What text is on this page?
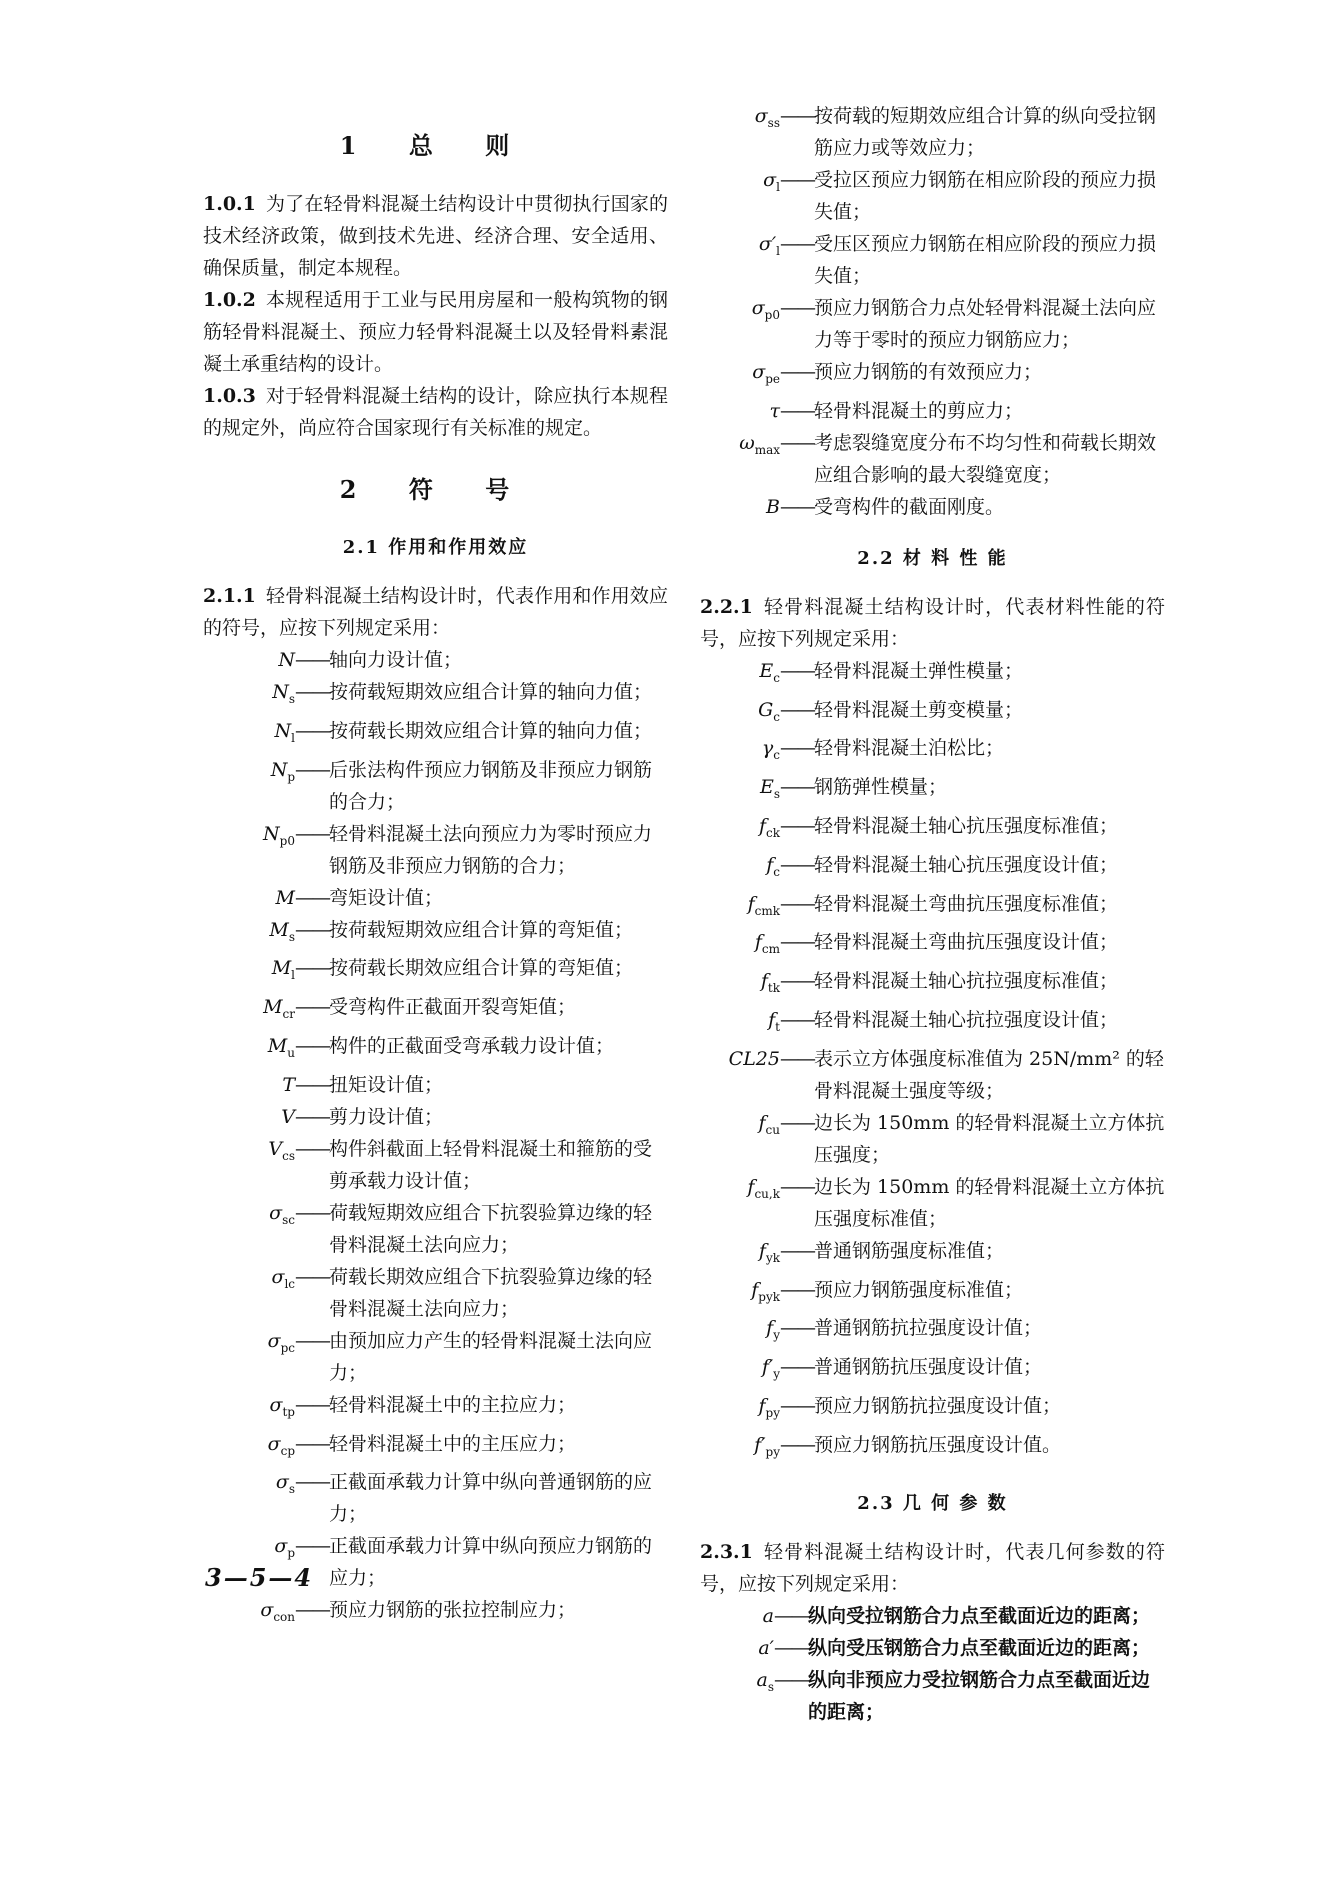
1 总 则

1.0.1 为了在轻骨料混凝土结构设计中贯彻执行国家的技术经济政策，做到技术先进、经济合理、安全适用、确保质量，制定本规程。

1.0.2 本规程适用于工业与民用房屋和一般构筑物的钢筋轻骨料混凝土、预应力轻骨料混凝土以及轻骨料素混凝土承重结构的设计。

1.0.3 对于轻骨料混凝土结构的设计，除应执行本规程的规定外，尚应符合国家现行有关标准的规定。

2 符 号
2.1 作用和作用效应

2.1.1 轻骨料混凝土结构设计时，代表作用和作用效应的符号，应按下列规定采用：

N —— 轴向力设计值；
$N_s$ —— 按荷载短期效应组合计算的轴向力值；
$N_l$ —— 按荷载长期效应组合计算的轴向力值；
$N_p$ —— 后张法构件预应力钢筋及非预应力钢筋的合力；
$N_{p0}$ —— 轻骨料混凝土法向预应力为零时预应力钢筋及非预应力钢筋的合力；
M —— 弯矩设计值；
$M_s$ —— 按荷载短期效应组合计算的弯矩值；
$M_l$ —— 按荷载长期效应组合计算的弯矩值；
$M_{cr}$ —— 受弯构件正截面开裂弯矩值；
$M_u$ —— 构件的正截面受弯承载力设计值；
T —— 扭矩设计值；
V —— 剪力设计值；
$V_{cs}$ —— 构件斜截面上轻骨料混凝土和箍筋的受剪承载力设计值；
$\sigma_{sc}$ —— 荷载短期效应组合下抗裂验算边缘的轻骨料混凝土法向应力；
$\sigma_{lc}$ —— 荷载长期效应组合下抗裂验算边缘的轻骨料混凝土法向应力；
$\sigma_{pc}$ —— 由预加应力产生的轻骨料混凝土法向应力；
$\sigma_{tp}$ —— 轻骨料混凝土中的主拉应力；
$\sigma_{cp}$ —— 轻骨料混凝土中的主压应力；
$\sigma_s$ —— 正截面承载力计算中纵向普通钢筋的应力；
$\sigma_p$ —— 正截面承载力计算中纵向预应力钢筋的应力；
$\sigma_{con}$ —— 预应力钢筋的张拉控制应力；
$\sigma_{ss}$ —— 按荷载的短期效应组合计算的纵向受拉钢筋应力或等效应力；
$\sigma_l$ —— 受拉区预应力钢筋在相应阶段的预应力损失值；
$\sigma'_l$ —— 受压区预应力钢筋在相应阶段的预应力损失值；
$\sigma_{p0}$ —— 预应力钢筋合力点处轻骨料混凝土法向应力等于零时的预应力钢筋应力；
$\sigma_{pe}$ —— 预应力钢筋的有效预应力；
τ —— 轻骨料混凝土的剪应力；
$\omega_{max}$ —— 考虑裂缝宽度分布不均匀性和荷载长期效应组合影响的最大裂缝宽度；
B —— 受弯构件的截面刚度。
2.2 材 料 性 能

2.2.1 轻骨料混凝土结构设计时，代表材料性能的符号，应按下列规定采用：

$E_c$ —— 轻骨料混凝土弹性模量；
$G_c$ —— 轻骨料混凝土剪变模量；
$\gamma_c$ —— 轻骨料混凝土泊松比；
$E_s$ —— 钢筋弹性模量；
$f_{ck}$ —— 轻骨料混凝土轴心抗压强度标准值；
$f_c$ —— 轻骨料混凝土轴心抗压强度设计值；
$f_{cmk}$ —— 轻骨料混凝土弯曲抗压强度标准值；
$f_{cm}$ —— 轻骨料混凝土弯曲抗压强度设计值；
$f_{tk}$ —— 轻骨料混凝土轴心抗拉强度标准值；
$f_t$ —— 轻骨料混凝土轴心抗拉强度设计值；
CL25 —— 表示立方体强度标准值为 25N/mm² 的轻骨料混凝土强度等级；
$f_{cu}$ —— 边长为 150mm 的轻骨料混凝土立方体抗压强度；
$f_{cu,k}$ —— 边长为 150mm 的轻骨料混凝土立方体抗压强度标准值；
$f_{yk}$ —— 普通钢筋强度标准值；
$f_{pyk}$ —— 预应力钢筋强度标准值；
$f_y$ —— 普通钢筋抗拉强度设计值；
$f'_y$ —— 普通钢筋抗压强度设计值；
$f_{py}$ —— 预应力钢筋抗拉强度设计值；
$f'_{py}$ —— 预应力钢筋抗压强度设计值。
2.3 几 何 参 数

2.3.1 轻骨料混凝土结构设计时，代表几何参数的符号，应按下列规定采用：

a —— 纵向受拉钢筋合力点至截面近边的距离；
a′ —— 纵向受压钢筋合力点至截面近边的距离；
$a_s$ —— 纵向非预应力受拉钢筋合力点至截面近边的距离；
3—5—4
